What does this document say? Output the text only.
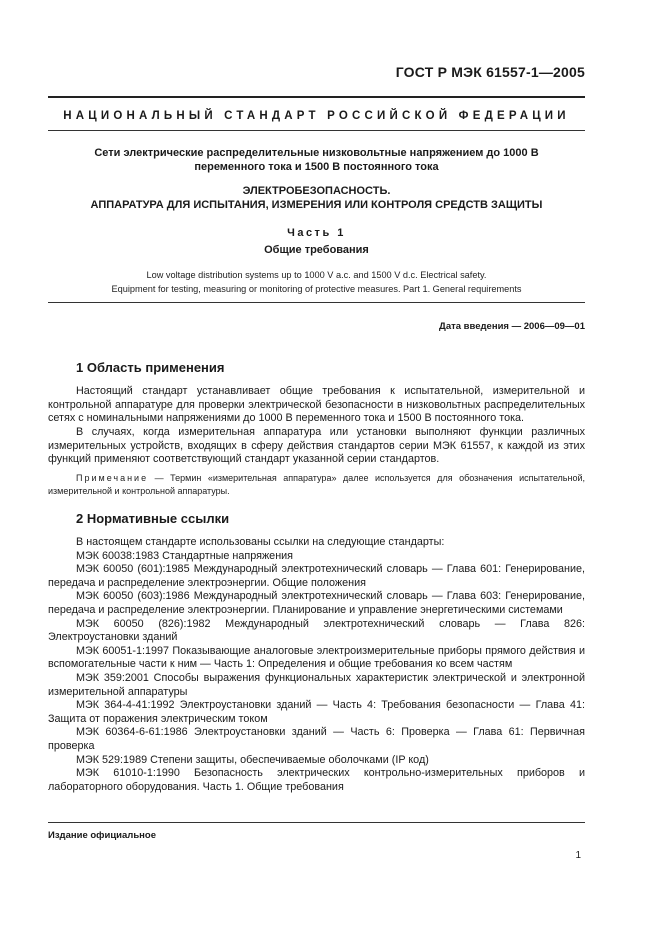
ГОСТ Р МЭК 61557-1—2005
НАЦИОНАЛЬНЫЙ СТАНДАРТ РОССИЙСКОЙ ФЕДЕРАЦИИ
Сети электрические распределительные низковольтные напряжением до 1000 В
переменного тока и 1500 В постоянного тока
ЭЛЕКТРОБЕЗОПАСНОСТЬ.
АППАРАТУРА ДЛЯ ИСПЫТАНИЯ, ИЗМЕРЕНИЯ ИЛИ КОНТРОЛЯ СРЕДСТВ ЗАЩИТЫ
Часть 1
Общие требования
Low voltage distribution systems up to 1000 V a.c. and 1500 V d.c. Electrical safety.
Equipment for testing, measuring or monitoring of protective measures. Part 1. General requirements
Дата введения — 2006—09—01
1 Область применения
Настоящий стандарт устанавливает общие требования к испытательной, измерительной и контрольной аппаратуре для проверки электрической безопасности в низковольтных распределительных сетях с номинальными напряжениями до 1000 В переменного тока и 1500 В постоянного тока.
В случаях, когда измерительная аппаратура или установки выполняют функции различных измерительных устройств, входящих в сферу действия стандартов серии МЭК 61557, к каждой из этих функций применяют соответствующий стандарт указанной серии стандартов.
Примечание — Термин «измерительная аппаратура» далее используется для обозначения испытательной, измерительной и контрольной аппаратуры.
2 Нормативные ссылки

В настоящем стандарте использованы ссылки на следующие стандарты:

МЭК 60038:1983 Стандартные напряжения

МЭК 60050 (601):1985 Международный электротехнический словарь — Глава 601: Генерирование, передача и распределение электроэнергии. Общие положения

МЭК 60050 (603):1986 Международный электротехнический словарь — Глава 603: Генерирование, передача и распределение электроэнергии. Планирование и управление энергетическими системами

МЭК 60050 (826):1982 Международный электротехнический словарь — Глава 826: Электроустановки зданий

МЭК 60051-1:1997 Показывающие аналоговые электроизмерительные приборы прямого действия и вспомогательные части к ним — Часть 1: Определения и общие требования ко всем частям

МЭК 359:2001 Способы выражения функциональных характеристик электрической и электронной измерительной аппаратуры

МЭК 364-4-41:1992 Электроустановки зданий — Часть 4: Требования безопасности — Глава 41: Защита от поражения электрическим током

МЭК 60364-6-61:1986 Электроустановки зданий — Часть 6: Проверка — Глава 61: Первичная проверка

МЭК 529:1989 Степени защиты, обеспечиваемые оболочками (IP код)

МЭК 61010-1:1990 Безопасность электрических контрольно-измерительных приборов и лабораторного оборудования. Часть 1. Общие требования

Издание официальное
1
